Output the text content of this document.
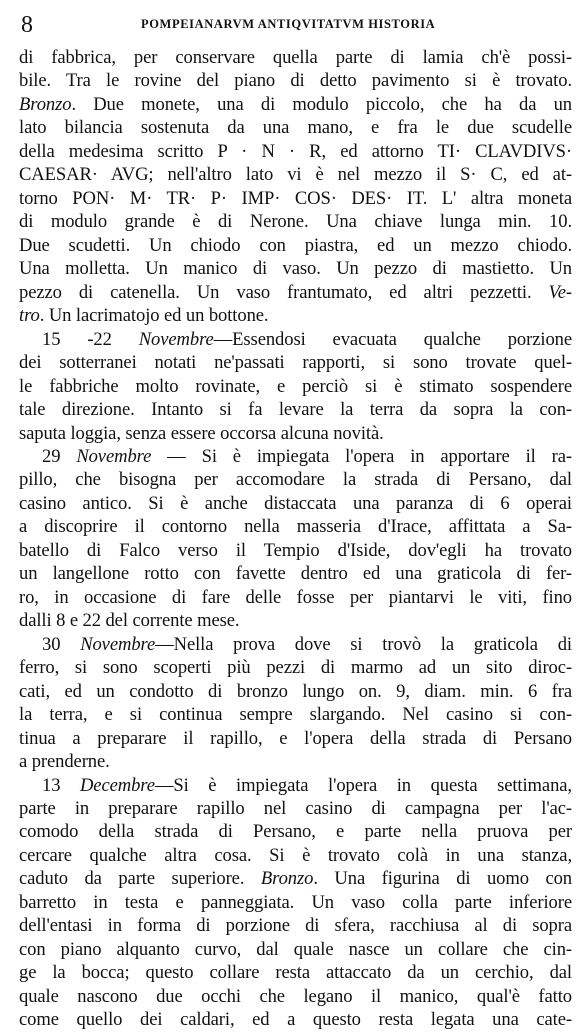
8	POMPEIANARVM ANTIQVITATVM HISTORIA
di fabbrica, per conservare quella parte di lamia ch'è possi-
bile. Tra le rovine del piano di detto pavimento si è trovato.
Bronzo. Due monete, una di modulo piccolo, che ha da un
lato bilancia sostenuta da una mano, e fra le due scudelle
della medesima scritto P · N · R, ed attorno TI· CLAVDIVS·
CAESAR· AVG; nell'altro lato vi è nel mezzo il S· C, ed at-
torno PON· M· TR· P· IMP· COS· DES· IT. L' altra moneta
di modulo grande è di Nerone. Una chiave lunga min. 10.
Due scudetti. Un chiodo con piastra, ed un mezzo chiodo.
Una molletta. Un manico di vaso. Un pezzo di mastietto. Un
pezzo di catenella. Un vaso frantumato, ed altri pezzetti. Ve-
tro. Un lacrimatojo ed un bottone.
15 -22 Novembre—Essendosi evacuata qualche porzione
dei sotterranei notati ne'passati rapporti, si sono trovate quel-
le fabbriche molto rovinate, e perciò si è stimato sospendere
tale direzione. Intanto si fa levare la terra da sopra la con-
saputa loggia, senza essere occorsa alcuna novità.
29 Novembre — Si è impiegata l'opera in apportare il ra-
pillo, che bisogna per accomodare la strada di Persano, dal
casino antico. Si è anche distaccata una paranza di 6 operai
a discoprire il contorno nella masseria d'Irace, affittata a Sa-
batello di Falco verso il Tempio d'Iside, dov'egli ha trovato
un langellone rotto con favette dentro ed una graticola di fer-
ro, in occasione di fare delle fosse per piantarvi le viti, fino
dalli 8 e 22 del corrente mese.
30 Novembre—Nella prova dove si trovò la graticola di
ferro, si sono scoperti più pezzi di marmo ad un sito diroc-
cati, ed un condotto di bronzo lungo on. 9, diam. min. 6 fra
la terra, e si continua sempre slargando. Nel casino si con-
tinua a preparare il rapillo, e l'opera della strada di Persano
a prenderne.
13 Decembre—Si è impiegata l'opera in questa settimana,
parte in preparare rapillo nel casino di campagna per l'ac-
comodo della strada di Persano, e parte nella pruova per
cercare qualche altra cosa. Si è trovato colà in una stanza,
caduto da parte superiore. Bronzo. Una figurina di uomo con
barretto in testa e panneggiata. Un vaso colla parte inferiore
dell'entasi in forma di porzione di sfera, racchiusa al di sopra
con piano alquanto curvo, dal quale nasce un collare che cin-
ge la bocca; questo collare resta attaccato da un cerchio, dal
quale nascono due occhi che legano il manico, qual'è fatto
come quello dei caldari, ed a questo resta legata una cate-
